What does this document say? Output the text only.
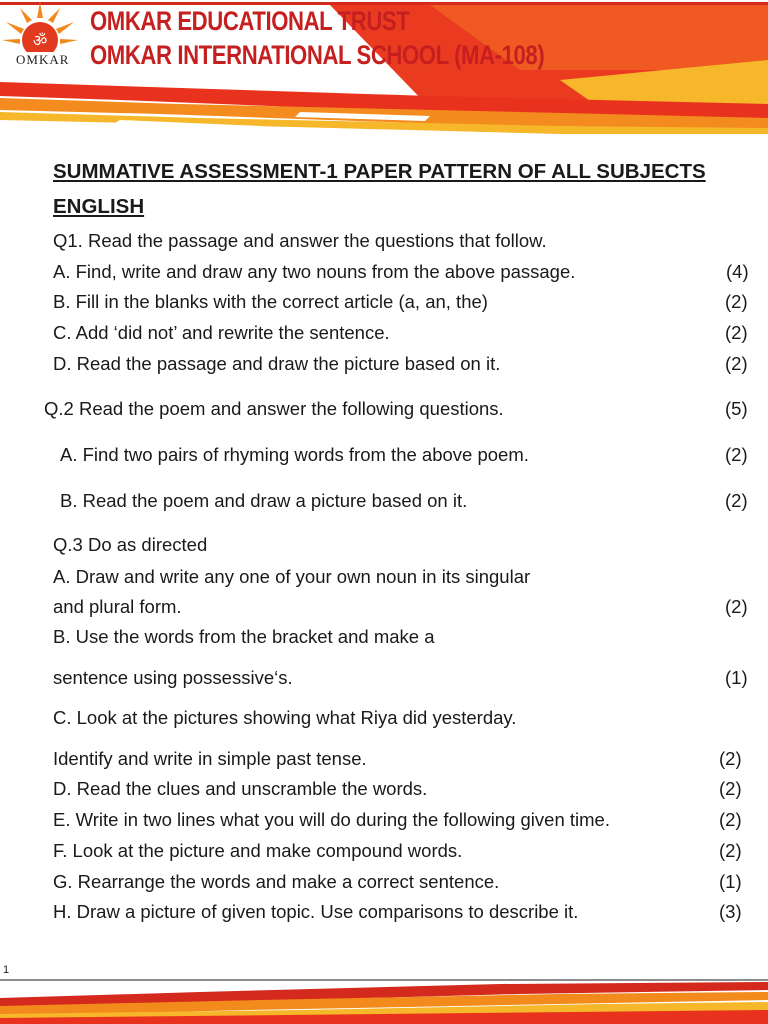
ॐ
OMKAR
OMKAR EDUCATIONAL TRUST
OMKAR INTERNATIONAL SCHOOL (MA-108)
SUMMATIVE ASSESSMENT-1 PAPER PATTERN OF ALL SUBJECTS
ENGLISH
Q1. Read the passage and answer the questions that follow.
A. Find, write and draw any two nouns from the above passage.	(4)
B. Fill in the blanks with the correct article (a, an, the)	(2)
C. Add ‘did not’ and rewrite the sentence.	(2)
D. Read the passage and draw the picture based on it.	(2)
Q.2 Read the poem and answer the following questions.	(5)
A. Find two pairs of rhyming words from the above poem.	(2)
B. Read the poem and draw a picture based on it.	(2)
Q.3 Do as directed
A. Draw and write any one of your own noun in its singular
and plural form.	(2)
B. Use the words from the bracket and make a
sentence using possessive‘s.	(1)
C. Look at the pictures showing what Riya did yesterday.
Identify and write in simple past tense.	(2)
D. Read the clues and unscramble the words.	(2)
E. Write in two lines what you will do during the following given time.	(2)
F. Look at the picture and make compound words.	(2)
G. Rearrange the words and make a correct sentence.	(1)
H. Draw a picture of given topic. Use comparisons to describe it.	(3)
1
